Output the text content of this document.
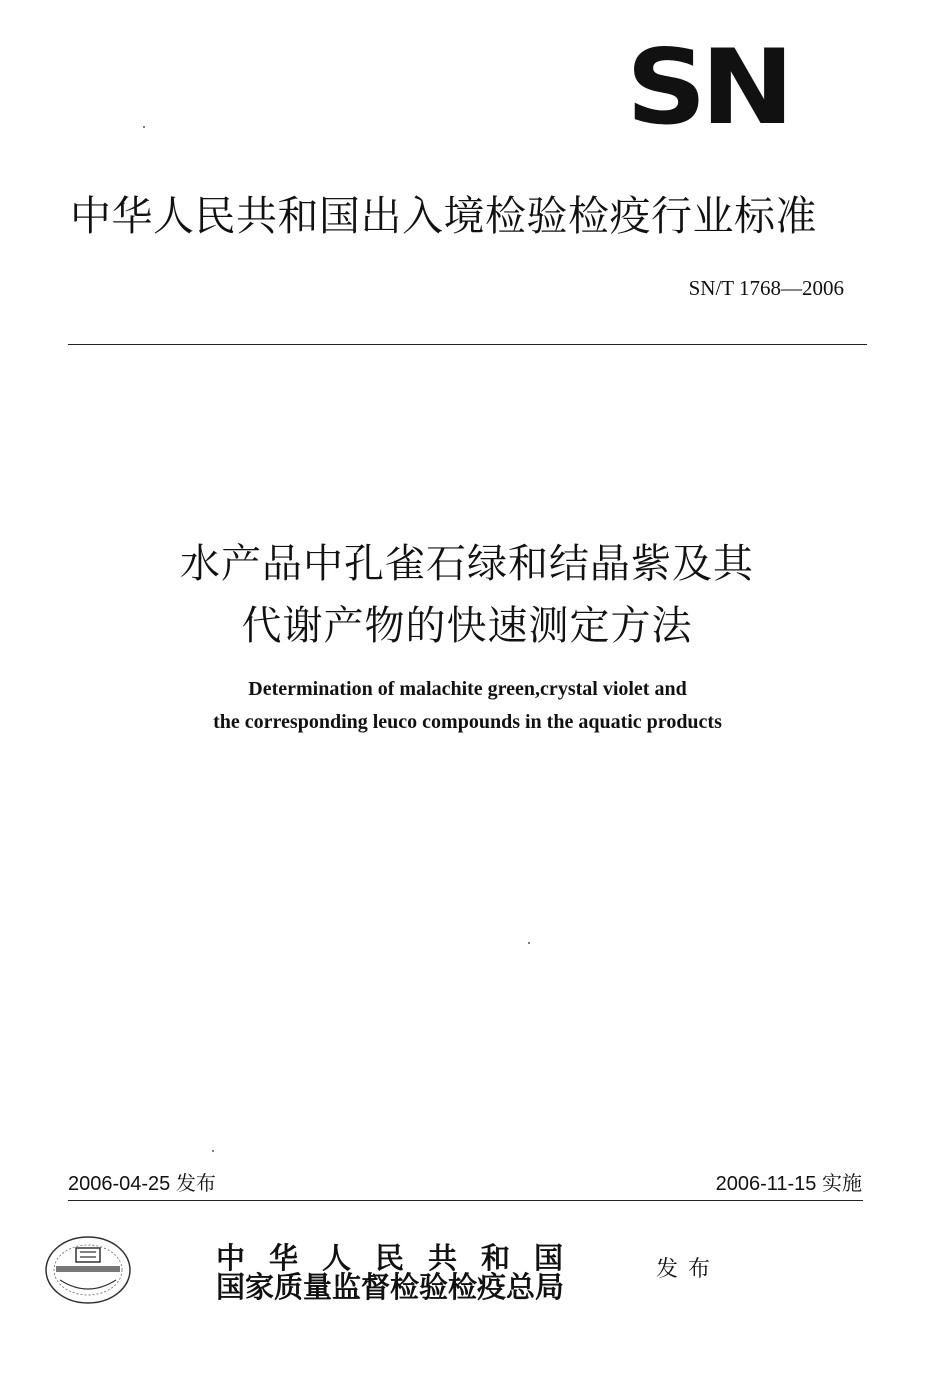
SN
中华人民共和国出入境检验检疫行业标准
SN/T 1768—2006
水产品中孔雀石绿和结晶紫及其
代谢产物的快速测定方法
Determination of malachite green,crystal violet and
the corresponding leuco compounds in the aquatic products
2006-04-25 发布	2006-11-15 实施
中华人民共和国
国家质量监督检验检疫总局
发布
